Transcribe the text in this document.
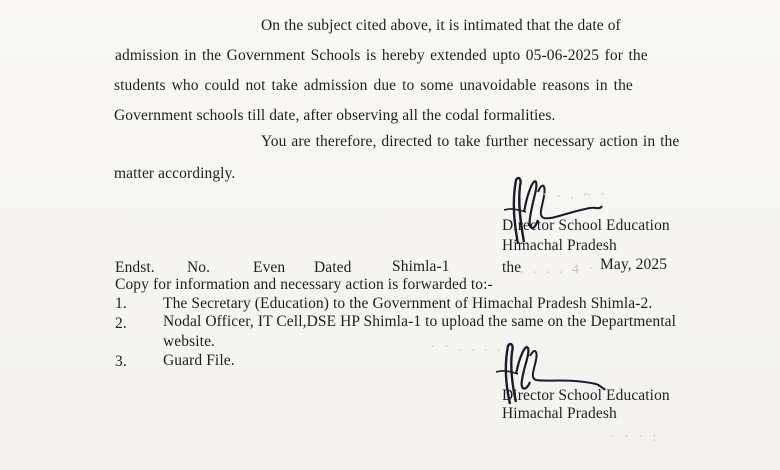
On the subject cited above, it is intimated that the date of
admission in the Government Schools is hereby extended upto 05-06-2025 for the
students who could not take admission due to some unavoidable reasons in the
Government schools till date, after observing all the codal formalities.
You are therefore, directed to take further necessary action in the
matter accordingly.
Director School Education
Himachal Pradesh
· · - . ~ ·
. . . . 4 · ·
· · . . . . · ·
· · · :
Endst. No.	Even Dated	Shimla-1	the	May, 2025
Copy for information and necessary action is forwarded to:-
1. The Secretary (Education) to the Government of Himachal Pradesh Shimla-2.
2. Nodal Officer, IT Cell,DSE HP Shimla-1 to upload the same on the Departmental
website.
3. Guard File.
Director School Education
Himachal Pradesh
